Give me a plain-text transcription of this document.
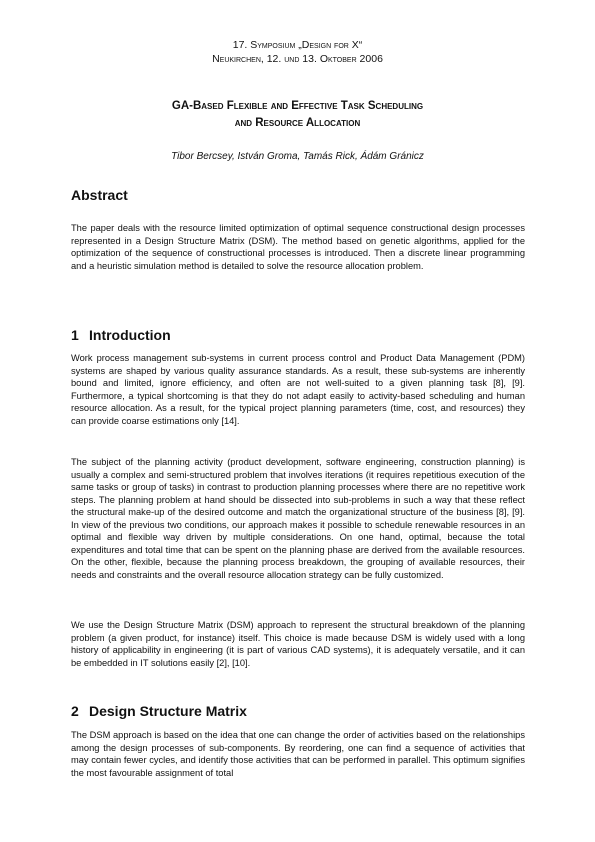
17. Symposium „Design for X“
Neukirchen, 12. und 13. Oktober 2006
GA-Based Flexible and Effective Task Scheduling
and Resource Allocation
Tibor Bercsey, István Groma, Tamás Rick, Ádám Gránicz
Abstract

The paper deals with the resource limited optimization of optimal sequence constructional design processes represented in a Design Structure Matrix (DSM). The method based on genetic algorithms, applied for the optimization of the sequence of constructional processes is introduced. Then a discrete linear programming and a heuristic simulation method is detailed to solve the resource allocation problem.

1 Introduction

Work process management sub-systems in current process control and Product Data Management (PDM) systems are shaped by various quality assurance standards. As a result, these sub-systems are inherently bound and limited, ignore efficiency, and often are not well-suited to a given planning task [8], [9]. Furthermore, a typical shortcoming is that they do not adapt easily to activity-based scheduling and human resource allocation. As a result, for the typical project planning parameters (time, cost, and resources) they can provide coarse estimations only [14].

The subject of the planning activity (product development, software engineering, construction planning) is usually a complex and semi-structured problem that involves iterations (it requires repetitious execution of the same tasks or group of tasks) in contrast to production planning processes where there are no repetitive work steps. The planning problem at hand should be dissected into sub-problems in such a way that these reflect the structural make-up of the desired outcome and match the organizational structure of the business [8], [9]. In view of the previous two conditions, our approach makes it possible to schedule renewable resources in an optimal and flexible way driven by multiple considerations. On one hand, optimal, because the total expenditures and total time that can be spent on the planning phase are derived from the available resources. On the other, flexible, because the planning process breakdown, the grouping of available resources, their needs and constraints and the overall resource allocation strategy can be fully customized.

We use the Design Structure Matrix (DSM) approach to represent the structural breakdown of the planning problem (a given product, for instance) itself. This choice is made because DSM is widely used with a long history of applicability in engineering (it is part of various CAD systems), it is adequately versatile, and it can be embedded in IT solutions easily [2], [10].

2 Design Structure Matrix

The DSM approach is based on the idea that one can change the order of activities based on the relationships among the design processes of sub-components. By reordering, one can find a sequence of activities that may contain fewer cycles, and identify those activities that can be performed in parallel. This optimum signifies the most favourable assignment of total
